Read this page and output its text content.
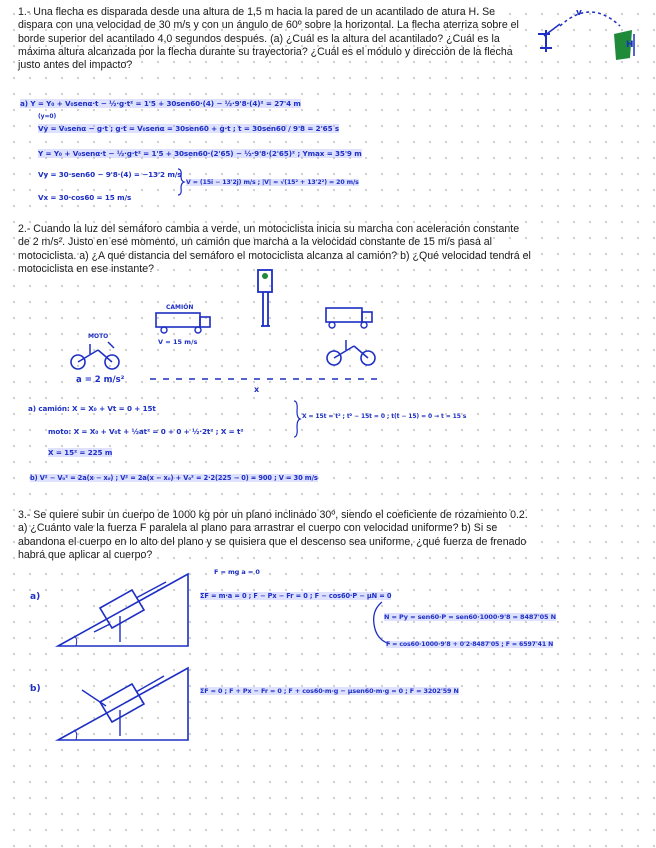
1.- Una flecha es disparada desde una altura de 1,5 m hacia la pared de un acantilado de atura H. Se dispara con una velocidad de 30 m/s y con un ángulo de 60º sobre la horizontal. La flecha aterriza sobre el borde superior del acantilado 4,0 segundos después. (a) ¿Cuál es la altura del acantilado? ¿Cuál es la máxima altura alcanzada por la flecha durante su trayectoria? ¿Cuál es el módulo y dirección de la flecha justo antes del impacto?

v

H

a) Y = Y₀ + V₀senα·t − ½·g·t² = 1'5 + 30sen60·(4) − ½·9'8·(4)² = 27'4 m

(y=0)

Vy = V₀senα − g·t ; g·t = V₀senα = 30sen60 + g·t ; t = 30sen60 / 9'8 = 2'65 s

Y = Y₀ + V₀senα·t − ½·g·t² = 1'5 + 30sen60·(2'65) − ½·9'8·(2'65)² ; Ymax = 35'9 m

Vy = 30·sen60 − 9'8·(4) = −13'2 m/s

Vx = 30·cos60 = 15 m/s

V = (15i − 13'2j) m/s ; |V| = √(15² + 13'2²) = 20 m/s

2.- Cuando la luz del semáforo cambia a verde, un motociclista inicia su marcha con aceleración constante de 2 m/s². Justo en ese momento, un camión que marcha a la velocidad constante de 15 m/s pasa al motociclista. a) ¿A qué distancia del semáforo el motociclista alcanza al camión? b) ¿Qué velocidad tendrá el motociclista en ese instante?

CAMIÓN

V = 15 m/s

MOTO

a = 2 m/s²

x

a) camión: X = X₀ + Vt = 0 + 15t

moto: X = X₀ + V₀t + ½at² = 0 + 0 + ½·2t² ; X = t²

X = 15² = 225 m

X = 15t = t² ; t² − 15t = 0 ; t(t − 15) = 0 → t = 15 s

b) V² − V₀² = 2a(x − x₀) ; V² = 2a(x − x₀) + V₀² = 2·2(225 − 0) = 900 ; V = 30 m/s

3.- Se quiere subir un cuerpo de 1000 kg por un plano inclinado 30º, siendo el coeficiente de rozamiento 0.2. a) ¿Cuánto vale la fuerza F paralela al plano para arrastrar el cuerpo con velocidad uniforme? b) Si se abandona el cuerpo en lo alto del plano y se quisiera que el descenso sea uniforme, ¿qué fuerza de frenado habrá que aplicar al cuerpo?

F = mg a = 0

a)	ΣF = m·a = 0 ; F − Px − Fr = 0 ; F − cos60·P − μN = 0

N = Py = sen60·P = sen60·1000·9'8 = 8487'05 N

F = cos60·1000·9'8 + 0'2·8487'05 ; F = 6597'41 N

b)	ΣF = 0 ; F + Px − Fr = 0 ; F + cos60·m·g − μsen60·m·g = 0 ; F = 3202'59 N
